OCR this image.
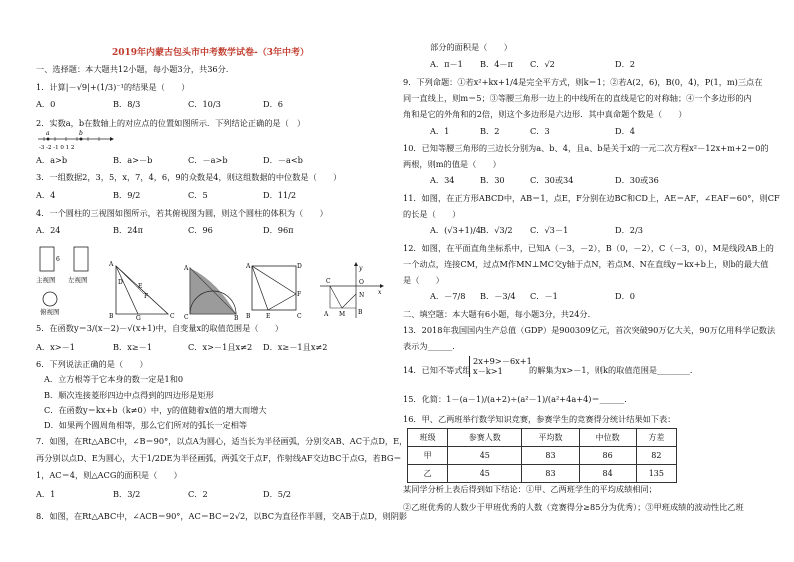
2019年内蒙古包头市中考数学试卷-（3年中考）
一、选择题：本大题共12小题，每小题3分，共36分.
1．计算|－√9|+(1/3)⁻¹的结果是（　　）
A．0	B．8/3	C．10/3	D．6
2．实数a，b在数轴上的对应点的位置如图所示．下列结论正确的是（　）
a	b
-3 -2 -1 0 1 2
A．a>b	B．a>－b	C．－a>b	D．－a<b
3．一组数据2，3，5，x，7，4，6，9的众数是4，则这组数据的中位数是（　　）
A．4	B．9/2	C．5	D．11/2
4．一个圆柱的三视图如图所示，若其俯视图为圆，则这个圆柱的体积为（　　）
A．24	B．24π	C．96	D．96π
6
主视图 左视图
俯视图
A
B	C
G
D
E
F
A
C	B
A	D
B	C
E
F
C	O
y
x
N
A M B
5．在函数y＝3/(x－2)－√(x+1)中，自变量x的取值范围是（　　）
A．x>－1	B．x≥－1	C．x>－1且x≠2 D．x≥－1且x≠2
6．下列说法正确的是（　　）
A．立方根等于它本身的数一定是1和0
B．顺次连接菱形四边中点得到的四边形是矩形
C．在函数y＝kx+b（k≠0）中，y的值随着x值的增大而增大
D．如果两个圆周角相等，那么它们所对的弧长一定相等
7．如图，在Rt△ABC中，∠B＝90°，以点A为圆心，适当长为半径画弧，分别交AB、AC于点D，E，
再分别以点D、E为圆心，大于1/2DE为半径画弧，两弧交于点F，作射线AF交边BC于点G，若BG＝
1，AC＝4，则△ACG的面积是（　　）
A．1	B．3/2	C．2	D．5/2
8．如图，在Rt△ABC中，∠ACB＝90°，AC＝BC＝2√2，以BC为直径作半圆，交AB于点D，则阴影
部分的面积是（　　）
A．π－1 B．4－π C．√2	D．2
9．下列命题：①若x²+kx+1/4是完全平方式，则k＝1；②若A(2，6)，B(0，4)，P(1，m)三点在
同一直线上，则m＝5；③等腰三角形一边上的中线所在的直线是它的对称轴；④一个多边形的内
角和是它的外角和的2倍，则这个多边形是六边形．其中真命题个数是（　　）
A．1	B．2	C．3	D．4
10．已知等腰三角形的三边长分别为a、b、4，且a、b是关于x的一元二次方程x²－12x+m+2＝0的
两根，则m的值是（　　）
A．34	B．30	C．30或34	D．30或36
11．如图，在正方形ABCD中，AB＝1，点E，F分别在边BC和CD上，AE＝AF，∠EAF＝60°，则CF
的长是（　　）
A．(√3+1)/4 B．√3/2 C．√3－1	D．2/3
12．如图，在平面直角坐标系中，已知A（－3，－2），B（0，－2），C（－3，0），M是线段AB上的
一个动点，连接CM，过点M作MN⊥MC交y轴于点N，若点M、N在直线y＝kx+b上，则b的最大值
是（　　）
A．－7/8 B．－3/4 C．－1	D．0
二、填空题：本大题有6小题，每小题3分，共24分.
13．2018年我国国内生产总值（GDP）是900309亿元，首次突破90万亿大关，90万亿用科学记数法
表示为______.
14．已知不等式组
2x+9>－6x+1
x－k>1	的解集为x>－1，则k的取值范围是________.
15．化简：1－(a－1)/(a+2)÷(a²－1)/(a²+4a+4)＝______.
16．甲、乙两班举行数学知识竞赛，参赛学生的竞赛得分统计结果如下表：
班级	参赛人数	平均数	中位数	方差
甲	45	83	86	82
乙	45	83	84	135
某同学分析上表后得到如下结论：①甲、乙两班学生的平均成绩相同；
②乙班优秀的人数少于甲班优秀的人数（竞赛得分≥85分为优秀）；③甲班成绩的波动性比乙班
